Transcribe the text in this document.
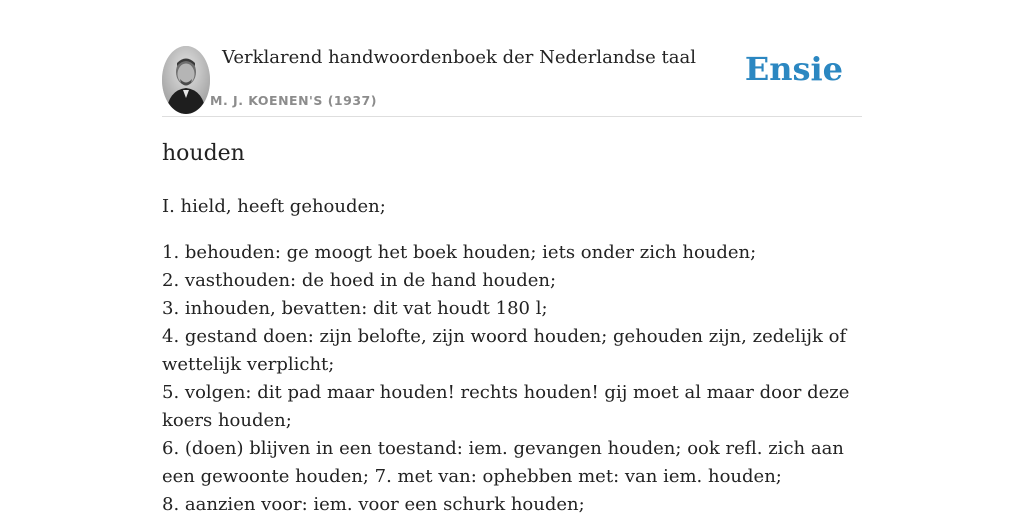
Verklarend handwoordenboek der Nederlandse taal
M. J. KOENEN'S (1937)
Ensie
houden

I. hield, heeft gehouden;

1. behouden: ge moogt het boek houden; iets onder zich houden;
2. vasthouden: de hoed in de hand houden;
3. inhouden, bevatten: dit vat houdt 180 l;
4. gestand doen: zijn belofte, zijn woord houden; gehouden zijn, zedelijk of wettelijk verplicht;
5. volgen: dit pad maar houden! rechts houden! gij moet al maar door deze koers houden;
6. (doen) blijven in een toestand: iem. gevangen houden; ook refl. zich aan een gewoonte houden; 7. met van: ophebben met: van iem. houden;
8. aanzien voor: iem. voor een schurk houden;
